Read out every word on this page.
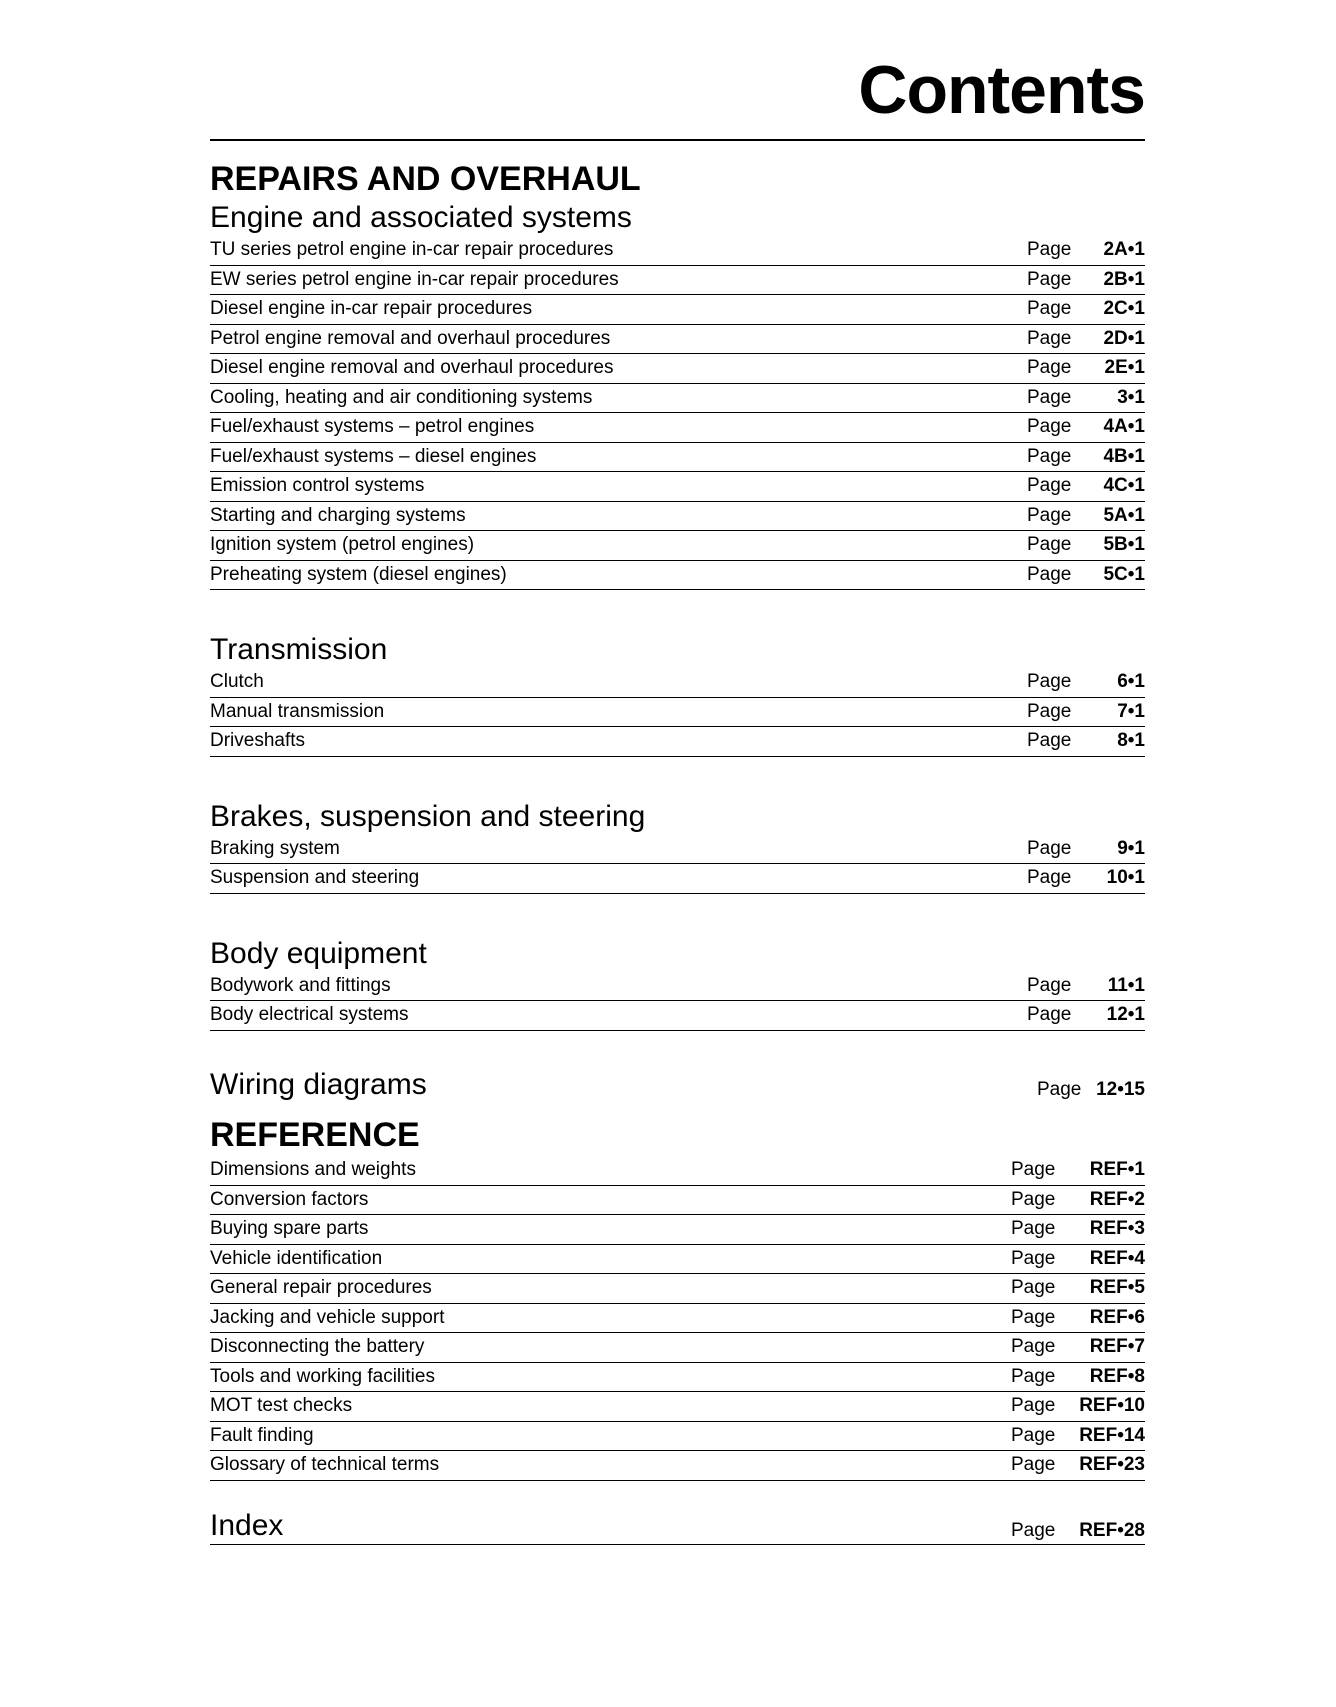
Contents
REPAIRS AND OVERHAUL
Engine and associated systems
TU series petrol engine in-car repair procedures	Page	2A•1
EW series petrol engine in-car repair procedures	Page	2B•1
Diesel engine in-car repair procedures	Page	2C•1
Petrol engine removal and overhaul procedures	Page	2D•1
Diesel engine removal and overhaul procedures	Page	2E•1
Cooling, heating and air conditioning systems	Page	3•1
Fuel/exhaust systems – petrol engines	Page	4A•1
Fuel/exhaust systems – diesel engines	Page	4B•1
Emission control systems	Page	4C•1
Starting and charging systems	Page	5A•1
Ignition system (petrol engines)	Page	5B•1
Preheating system (diesel engines)	Page	5C•1
Transmission
Clutch	Page	6•1
Manual transmission	Page	7•1
Driveshafts	Page	8•1
Brakes, suspension and steering
Braking system	Page	9•1
Suspension and steering	Page	10•1
Body equipment
Bodywork and fittings	Page	11•1
Body electrical systems	Page	12•1
Wiring diagrams	Page 12•15
REFERENCE
Dimensions and weights	Page	REF•1
Conversion factors	Page	REF•2
Buying spare parts	Page	REF•3
Vehicle identification	Page	REF•4
General repair procedures	Page	REF•5
Jacking and vehicle support	Page	REF•6
Disconnecting the battery	Page	REF•7
Tools and working facilities	Page	REF•8
MOT test checks	Page	REF•10
Fault finding	Page	REF•14
Glossary of technical terms	Page	REF•23
Index	Page	REF•28
